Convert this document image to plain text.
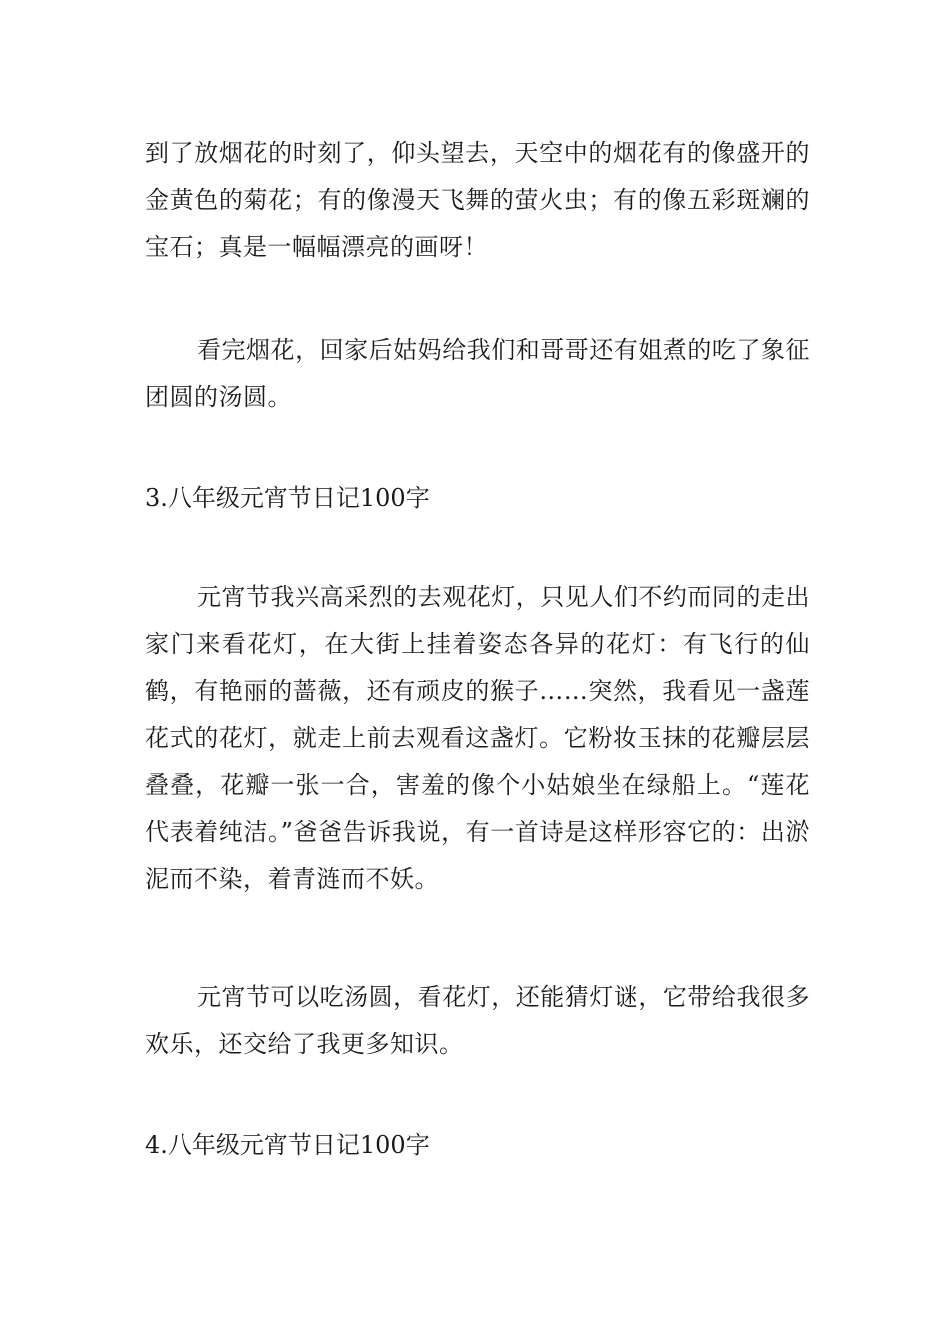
到了放烟花的时刻了，仰头望去，天空中的烟花有的像盛开的金黄色的菊花；有的像漫天飞舞的萤火虫；有的像五彩斑斓的宝石；真是一幅幅漂亮的画呀！

看完烟花，回家后姑妈给我们和哥哥还有姐煮的吃了象征团圆的汤圆。

3.八年级元宵节日记100字

元宵节我兴高采烈的去观花灯，只见人们不约而同的走出家门来看花灯，在大街上挂着姿态各异的花灯：有飞行的仙鹤，有艳丽的蔷薇，还有顽皮的猴子……突然，我看见一盏莲花式的花灯，就走上前去观看这盏灯。它粉妆玉抹的花瓣层层叠叠，花瓣一张一合，害羞的像个小姑娘坐在绿船上。“莲花代表着纯洁。”爸爸告诉我说，有一首诗是这样形容它的：出淤泥而不染，着青涟而不妖。

元宵节可以吃汤圆，看花灯，还能猜灯谜，它带给我很多欢乐，还交给了我更多知识。

4.八年级元宵节日记100字
